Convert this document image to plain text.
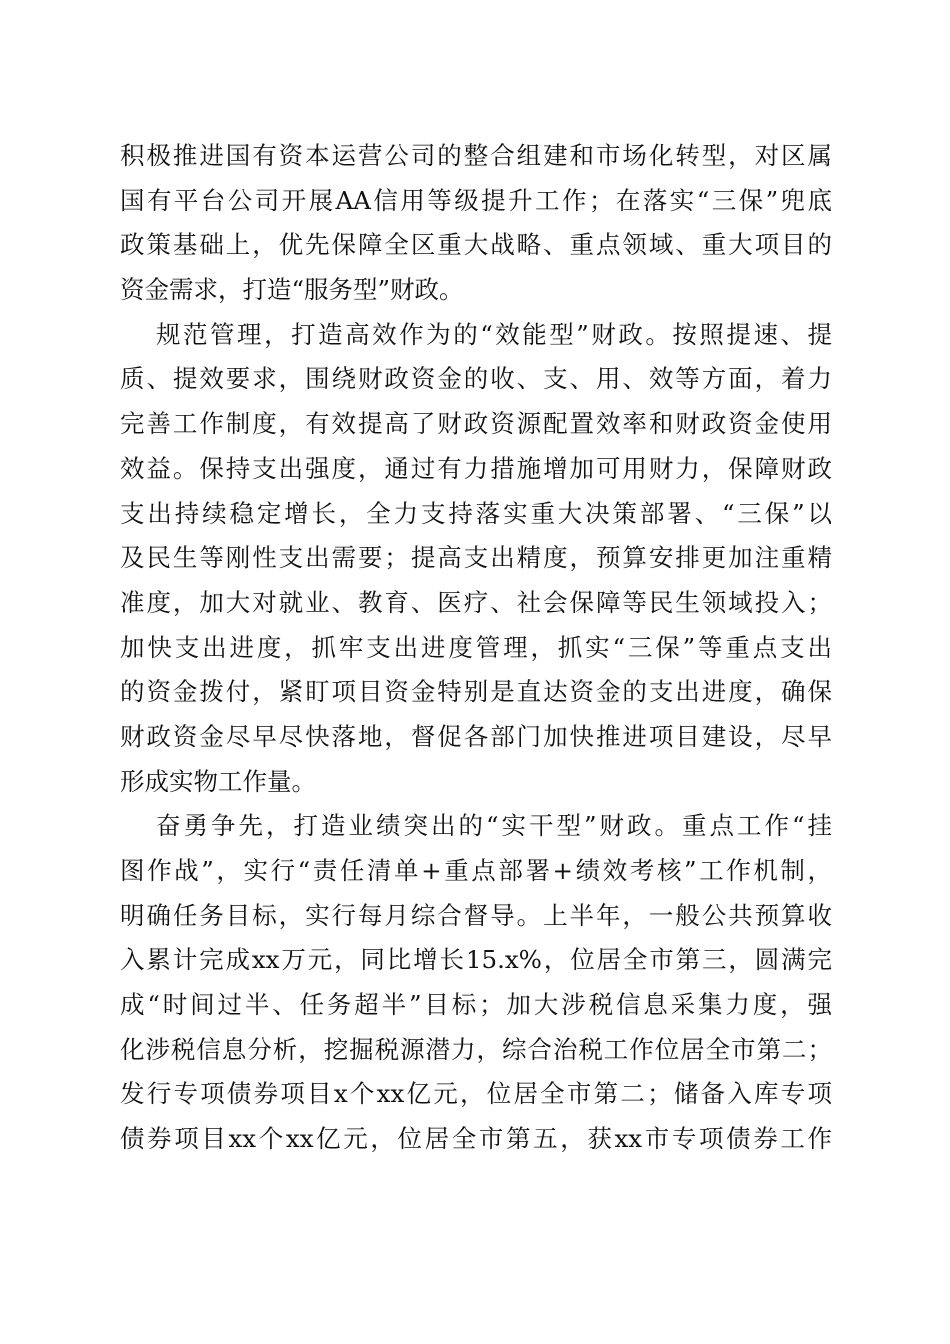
积极推进国有资本运营公司的整合组建和市场化转型，对区属
国有平台公司开展AA信用等级提升工作；在落实“三保”兜底
政策基础上，优先保障全区重大战略、重点领域、重大项目的
资金需求，打造“服务型”财政。
规范管理，打造高效作为的“效能型”财政。按照提速、提
质、提效要求，围绕财政资金的收、支、用、效等方面，着力
完善工作制度，有效提高了财政资源配置效率和财政资金使用
效益。保持支出强度，通过有力措施增加可用财力，保障财政
支出持续稳定增长，全力支持落实重大决策部署、“三保”以
及民生等刚性支出需要；提高支出精度，预算安排更加注重精
准度，加大对就业、教育、医疗、社会保障等民生领域投入；
加快支出进度，抓牢支出进度管理，抓实“三保”等重点支出
的资金拨付，紧盯项目资金特别是直达资金的支出进度，确保
财政资金尽早尽快落地，督促各部门加快推进项目建设，尽早
形成实物工作量。
奋勇争先，打造业绩突出的“实干型”财政。重点工作“挂
图作战”，实行“责任清单+重点部署+绩效考核”工作机制，
明确任务目标，实行每月综合督导。上半年，一般公共预算收
入累计完成xx万元，同比增长15.x%，位居全市第三，圆满完
成“时间过半、任务超半”目标；加大涉税信息采集力度，强
化涉税信息分析，挖掘税源潜力，综合治税工作位居全市第二；
发行专项债券项目x个xx亿元，位居全市第二；储备入库专项
债券项目xx个xx亿元，位居全市第五，获xx市专项债券工作
